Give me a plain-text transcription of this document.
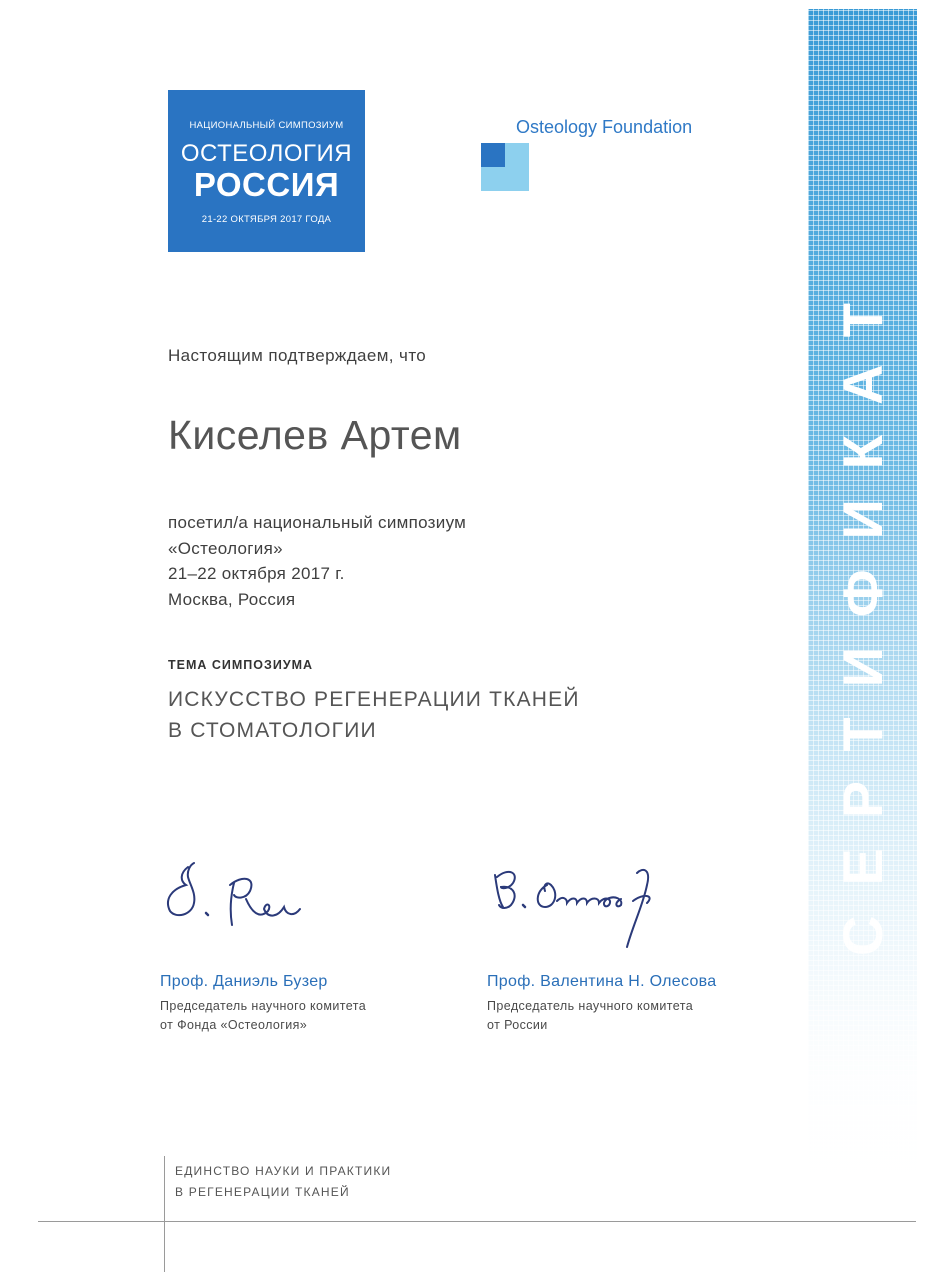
НАЦИОНАЛЬНЫЙ СИМПОЗИУМ
ОСТЕОЛОГИЯ
РОССИЯ
21-22 ОКТЯБРЯ 2017 ГОДА
Osteology Foundation
СЕРТИФИКАТ
Настоящим подтверждаем, что
Киселев Артем
посетил/а национальный симпозиум
«Остеология»
21–22 октября 2017 г.
Москва, Россия
ТЕМА СИМПОЗИУМА
ИСКУССТВО РЕГЕНЕРАЦИИ ТКАНЕЙ
В СТОМАТОЛОГИИ
Проф. Даниэль Бузер
Председатель научного комитета
от Фонда «Остеология»
Проф. Валентина Н. Олесова
Председатель научного комитета
от России
ЕДИНСТВО НАУКИ И ПРАКТИКИ
В РЕГЕНЕРАЦИИ ТКАНЕЙ
